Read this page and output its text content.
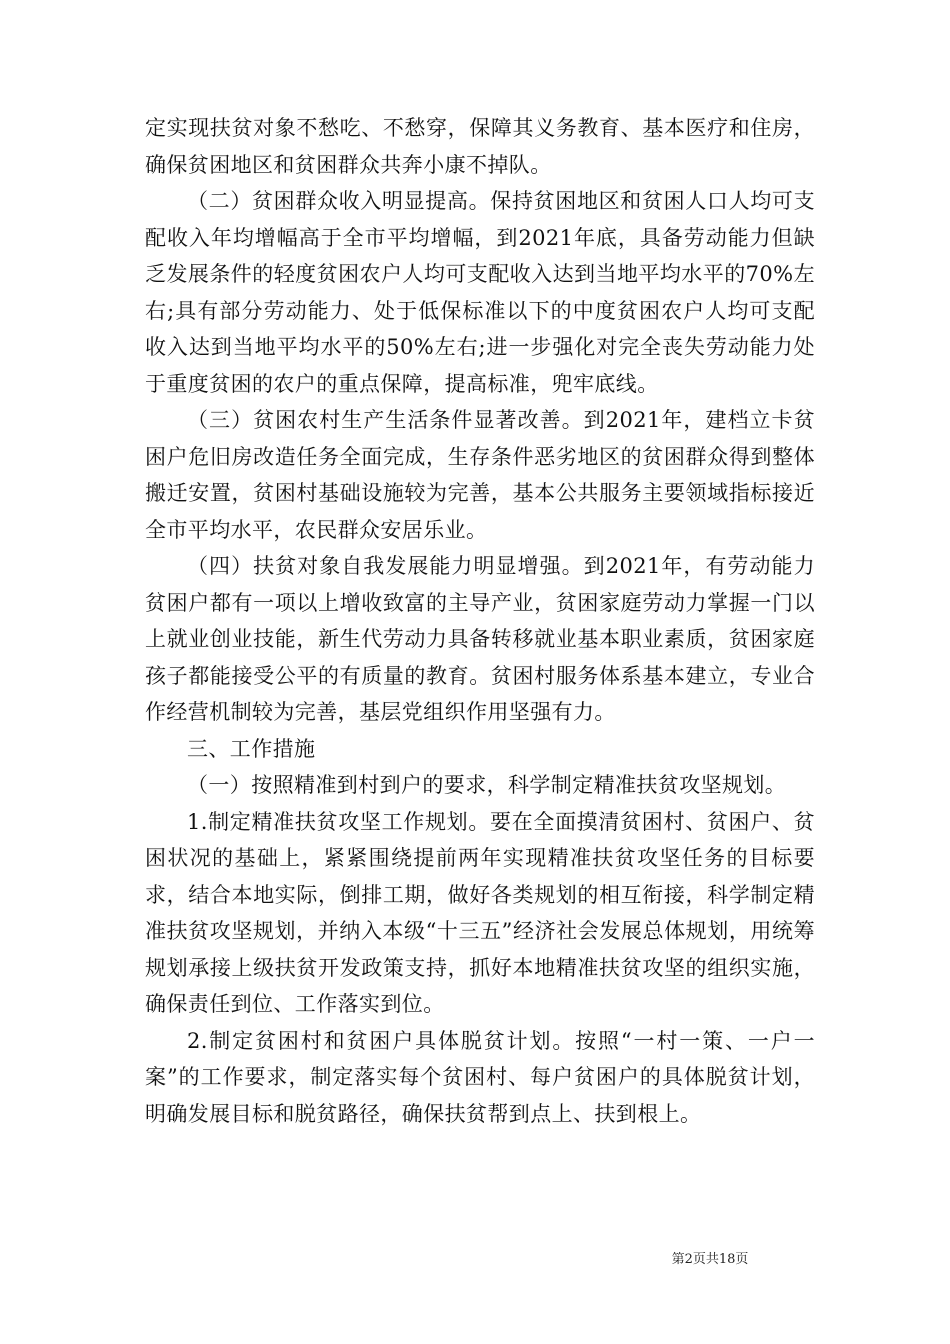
定实现扶贫对象不愁吃、不愁穿，保障其义务教育、基本医疗和住房，确保贫困地区和贫困群众共奔小康不掉队。

（二）贫困群众收入明显提高。保持贫困地区和贫困人口人均可支配收入年均增幅高于全市平均增幅，到2021年底，具备劳动能力但缺乏发展条件的轻度贫困农户人均可支配收入达到当地平均水平的70%左右;具有部分劳动能力、处于低保标准以下的中度贫困农户人均可支配收入达到当地平均水平的50%左右;进一步强化对完全丧失劳动能力处于重度贫困的农户的重点保障，提高标准，兜牢底线。

（三）贫困农村生产生活条件显著改善。到2021年，建档立卡贫困户危旧房改造任务全面完成，生存条件恶劣地区的贫困群众得到整体搬迁安置，贫困村基础设施较为完善，基本公共服务主要领域指标接近全市平均水平，农民群众安居乐业。

（四）扶贫对象自我发展能力明显增强。到2021年，有劳动能力贫困户都有一项以上增收致富的主导产业，贫困家庭劳动力掌握一门以上就业创业技能，新生代劳动力具备转移就业基本职业素质，贫困家庭孩子都能接受公平的有质量的教育。贫困村服务体系基本建立，专业合作经营机制较为完善，基层党组织作用坚强有力。

三、工作措施

（一）按照精准到村到户的要求，科学制定精准扶贫攻坚规划。

1.制定精准扶贫攻坚工作规划。要在全面摸清贫困村、贫困户、贫困状况的基础上，紧紧围绕提前两年实现精准扶贫攻坚任务的目标要求，结合本地实际，倒排工期，做好各类规划的相互衔接，科学制定精准扶贫攻坚规划，并纳入本级“十三五”经济社会发展总体规划，用统筹规划承接上级扶贫开发政策支持，抓好本地精准扶贫攻坚的组织实施，确保责任到位、工作落实到位。

2.制定贫困村和贫困户具体脱贫计划。按照“一村一策、一户一案”的工作要求，制定落实每个贫困村、每户贫困户的具体脱贫计划，明确发展目标和脱贫路径，确保扶贫帮到点上、扶到根上。

第2页共18页
